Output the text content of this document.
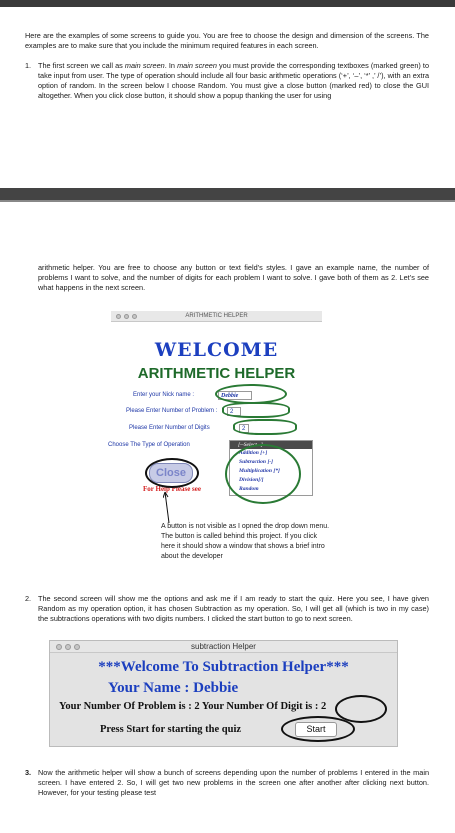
Here are the examples of some screens to guide you. You are free to choose the design and dimension of the screens. The examples are to make sure that you include the minimum required features in each screen.

1. The first screen we call as main screen. In main screen you must provide the corresponding textboxes (marked green) to take input from user. The type of operation should include all four basic arithmetic operations (‘+’, ‘–’, ‘*’ ,’ /’), with an extra option of random. In the screen below I choose Random. You must give a close button (marked red) to close the GUI altogether. When you click close button, it should show a popup thanking the user for using

arithmetic helper. You are free to choose any button or text field’s styles. I gave an example name, the number of problems I want to solve, and the number of digits for each problem I want to solve. I gave both of them as 2. Let’s see what happens in the next screen.

ARITHMETIC HELPER
WELCOME
ARITHMETIC HELPER
Enter your Nick name :	Debbie
Please Enter Number of Problem :	2
Please Enter Number of Digits	2
Choose The Type of Operation	[--Select--]
Addition [+]
Subtraction [-]
Multiplication [*]
Division[/]
Random
Close
For Help Please see

A button is not visible as I opned the drop down menu. The button is called behind this project. If you click here it should show a window that shows a brief intro about the developer

2. The second screen will show me the options and ask me if I am ready to start the quiz. Here you see, I have given Random as my operation option, it has chosen Subtraction as my operation. So, I will get all (which is two in my case) the subtractions operations with two digits numbers. I clicked the start button to go to next screen.
subtraction Helper
***Welcome To Subtraction Helper***
Your Name : Debbie
Your Number Of Problem is : 2 Your Number Of Digit is : 2
Press Start for starting the quiz	Start
3. Now the arithmetic helper will show a bunch of screens depending upon the number of problems I entered in the main screen. I have entered 2. So, I will get two new problems in the screen one after another after clicking next button. However, for your testing please test
